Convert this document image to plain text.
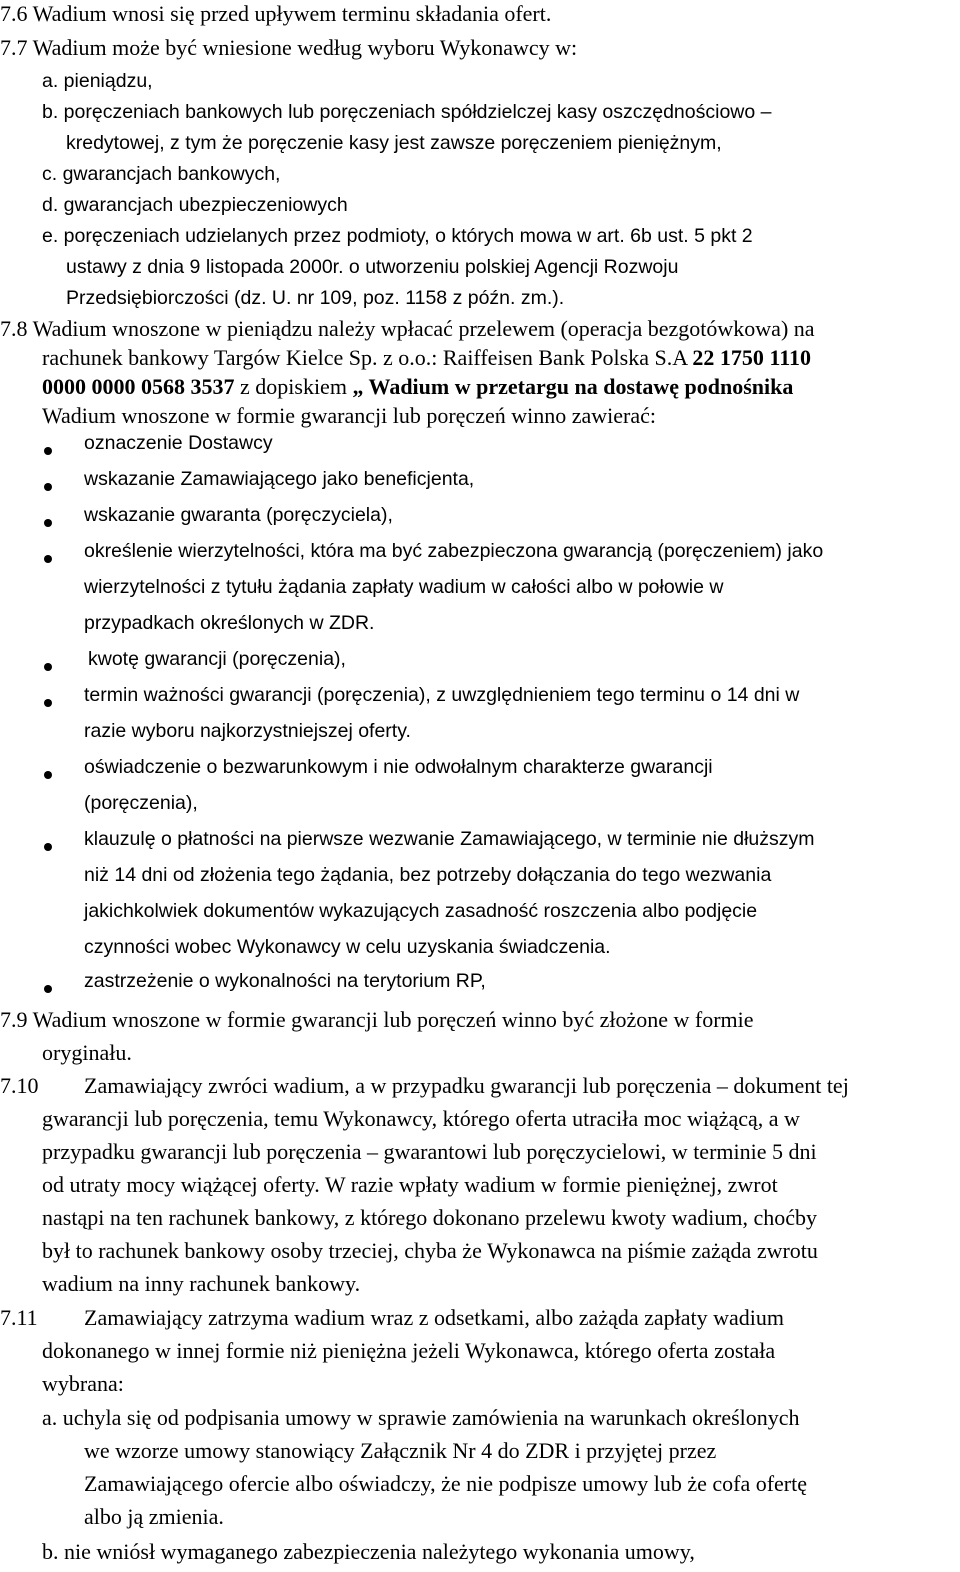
7.6 Wadium wnosi się przed upływem terminu składania ofert.
7.7 Wadium może być wniesione według wyboru Wykonawcy w:
a. pieniądzu,
b. poręczeniach bankowych lub poręczeniach spółdzielczej kasy oszczędnościowo –
kredytowej, z tym że poręczenie kasy jest zawsze poręczeniem pieniężnym,
c. gwarancjach bankowych,
d. gwarancjach ubezpieczeniowych
e. poręczeniach udzielanych przez podmioty, o których mowa w art. 6b ust. 5 pkt 2
ustawy z dnia 9 listopada 2000r. o utworzeniu polskiej Agencji Rozwoju
Przedsiębiorczości (dz. U. nr 109, poz. 1158 z późn. zm.).
7.8 Wadium wnoszone w pieniądzu należy wpłacać przelewem (operacja bezgotówkowa) na
rachunek bankowy Targów Kielce Sp. z o.o.: Raiffeisen Bank Polska S.A 22 1750 1110
0000 0000 0568 3537 z dopiskiem „ Wadium w przetargu na dostawę podnośnika
Wadium wnoszone w formie gwarancji lub poręczeń winno zawierać:
oznaczenie Dostawcy
wskazanie Zamawiającego jako beneficjenta,
wskazanie gwaranta (poręczyciela),
określenie wierzytelności, która ma być zabezpieczona gwarancją (poręczeniem) jako
wierzytelności z tytułu żądania zapłaty wadium w całości albo w połowie w
przypadkach określonych w ZDR.
kwotę gwarancji (poręczenia),
termin ważności gwarancji (poręczenia), z uwzględnieniem tego terminu o 14 dni w
razie wyboru najkorzystniejszej oferty.
oświadczenie o bezwarunkowym i nie odwołalnym charakterze gwarancji
(poręczenia),
klauzulę o płatności na pierwsze wezwanie Zamawiającego, w terminie nie dłuższym
niż 14 dni od złożenia tego żądania, bez potrzeby dołączania do tego wezwania
jakichkolwiek dokumentów wykazujących zasadność roszczenia albo podjęcie
czynności wobec Wykonawcy w celu uzyskania świadczenia.
zastrzeżenie o wykonalności na terytorium RP,
7.9 Wadium wnoszone w formie gwarancji lub poręczeń winno być złożone w formie
oryginału.
7.10 Zamawiający zwróci wadium, a w przypadku gwarancji lub poręczenia – dokument tej
gwarancji lub poręczenia, temu Wykonawcy, którego oferta utraciła moc wiążącą, a w
przypadku gwarancji lub poręczenia – gwarantowi lub poręczycielowi, w terminie 5 dni
od utraty mocy wiążącej oferty. W razie wpłaty wadium w formie pieniężnej, zwrot
nastąpi na ten rachunek bankowy, z którego dokonano przelewu kwoty wadium, choćby
był to rachunek bankowy osoby trzeciej, chyba że Wykonawca na piśmie zażąda zwrotu
wadium na inny rachunek bankowy.
7.11 Zamawiający zatrzyma wadium wraz z odsetkami, albo zażąda zapłaty wadium
dokonanego w innej formie niż pieniężna jeżeli Wykonawca, którego oferta została
wybrana:
a. uchyla się od podpisania umowy w sprawie zamówienia na warunkach określonych
we wzorze umowy stanowiący Załącznik Nr 4 do ZDR i przyjętej przez
Zamawiającego ofercie albo oświadczy, że nie podpisze umowy lub że cofa ofertę
albo ją zmienia.
b. nie wniósł wymaganego zabezpieczenia należytego wykonania umowy,
